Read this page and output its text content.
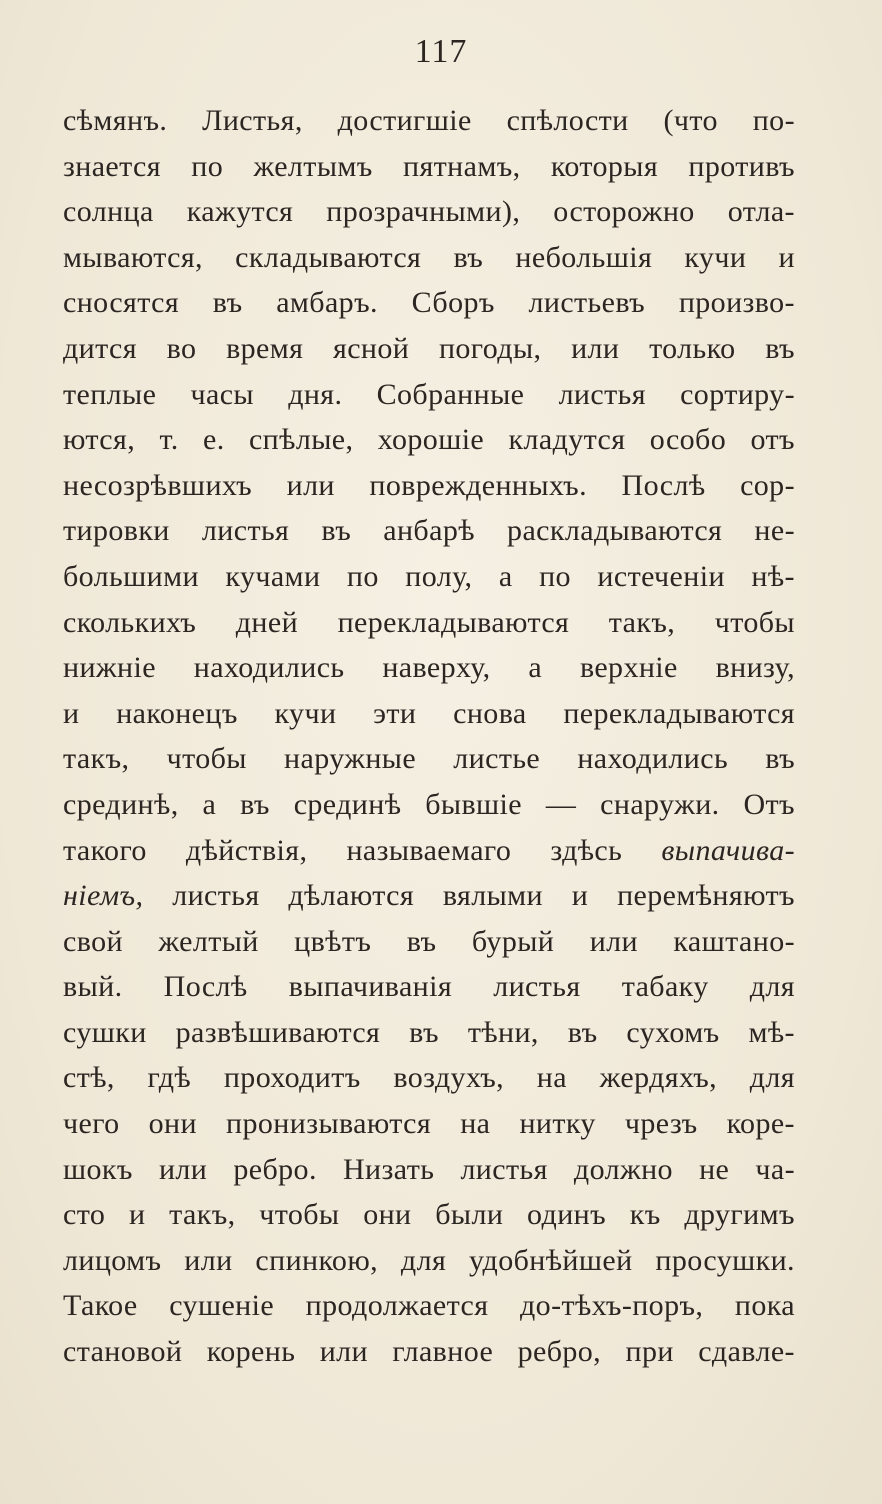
117
сѣмянъ. Листья, достигшіе спѣлости (что по-
знается по желтымъ пятнамъ, которыя противъ
солнца кажутся прозрачными), осторожно отла-
мываются, складываются въ небольшія кучи и
сносятся въ амбаръ. Сборъ листьевъ произво-
дится во время ясной погоды, или только въ
теплые часы дня. Собранные листья сортиру-
ются, т. е. спѣлые, хорошіе кладутся особо отъ
несозрѣвшихъ или поврежденныхъ. Послѣ сор-
тировки листья въ анбарѣ раскладываются не-
большими кучами по полу, а по истеченіи нѣ-
сколькихъ дней перекладываются такъ, чтобы
нижніе находились наверху, а верхніе внизу,
и наконецъ кучи эти снова перекладываются
такъ, чтобы наружные листье находились въ
срединѣ, а въ срединѣ бывшіе — снаружи. Отъ
такого дѣйствія, называемаго здѣсь выпачива-
ніемъ, листья дѣлаются вялыми и перемѣняютъ
свой желтый цвѣтъ въ бурый или каштано-
вый. Послѣ выпачиванія листья табаку для
сушки развѣшиваются въ тѣни, въ сухомъ мѣ-
стѣ, гдѣ проходитъ воздухъ, на жердяхъ, для
чего они пронизываются на нитку чрезъ коре-
шокъ или ребро. Низать листья должно не ча-
сто и такъ, чтобы они были одинъ къ другимъ
лицомъ или спинкою, для удобнѣйшей просушки.
Такое сушеніе продолжается до-тѣхъ-поръ, пока
становой корень или главное ребро, при сдавле-
